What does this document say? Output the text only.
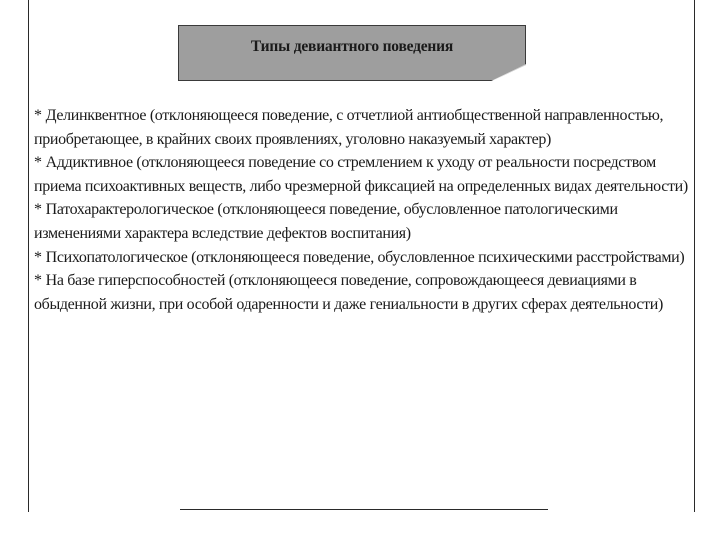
Типы девиантного поведения

* Делинквентное (отклоняющееся поведение, с отчетлиой антиобщественной направленностью, приобретающее, в крайних своих проявлениях, уголовно наказуемый характер)

* Аддиктивное (отклоняющееся поведение со стремлением к уходу от реальности посредством приема психоактивных веществ, либо чрезмерной фиксацией на определенных видах деятельности)

* Патохарактерологическое (отклоняющееся поведение, обусловленное патологическими изменениями характера вследствие дефектов воспитания)

* Психопатологическое (отклоняющееся поведение, обусловленное психическими расстройствами)

* На базе гиперспособностей (отклоняющееся поведение, сопровождающееся девиациями в обыденной жизни, при особой одаренности и даже гениальности в других сферах деятельности)
